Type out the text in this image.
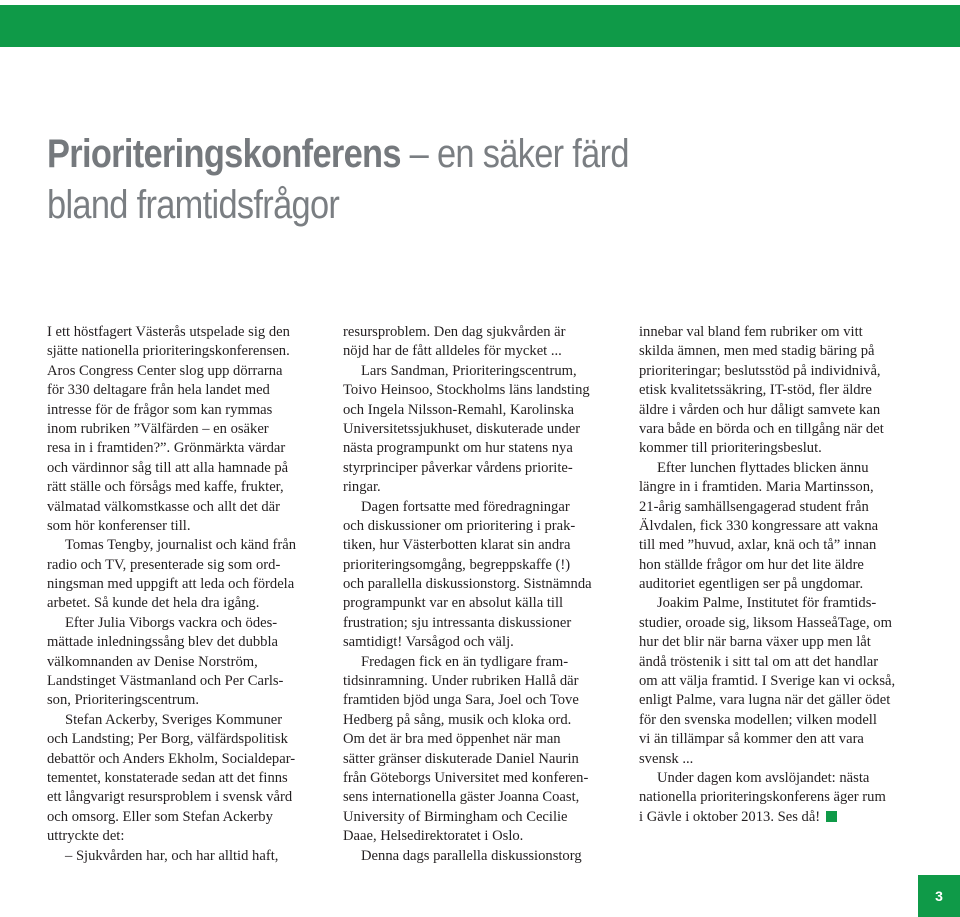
Prioriteringskonferens – en säker färd
bland framtidsfrågor
I ett höstfagert Västerås utspelade sig den
sjätte nationella prioriteringskonferensen.
Aros Congress Center slog upp dörrarna
för 330 deltagare från hela landet med
intresse för de frågor som kan rymmas
inom rubriken ”Välfärden – en osäker
resa in i framtiden?”. Grönmärkta värdar
och värdinnor såg till att alla hamnade på
rätt ställe och försågs med kaffe, frukter,
välmatad välkomstkasse och allt det där
som hör konferenser till.
Tomas Tengby, journalist och känd från
radio och TV, presenterade sig som ord-
ningsman med uppgift att leda och fördela
arbetet. Så kunde det hela dra igång.
Efter Julia Viborgs vackra och ödes-
mättade inledningssång blev det dubbla
välkomnanden av Denise Norström,
Landstinget Västmanland och Per Carls-
son, Prioriteringscentrum.
Stefan Ackerby, Sveriges Kommuner
och Landsting; Per Borg, välfärdspolitisk
debattör och Anders Ekholm, Socialdepar-
tementet, konstaterade sedan att det finns
ett långvarigt resursproblem i svensk vård
och omsorg. Eller som Stefan Ackerby
uttryckte det:
– Sjukvården har, och har alltid haft,
resursproblem. Den dag sjukvården är
nöjd har de fått alldeles för mycket ...
Lars Sandman, Prioriteringscentrum,
Toivo Heinsoo, Stockholms läns landsting
och Ingela Nilsson-Remahl, Karolinska
Universitetssjukhuset, diskuterade under
nästa programpunkt om hur statens nya
styrprinciper påverkar vårdens priorite-
ringar.
Dagen fortsatte med föredragningar
och diskussioner om prioritering i prak-
tiken, hur Västerbotten klarat sin andra
prioriteringsomgång, begreppskaffe (!)
och parallella diskussionstorg. Sistnämnda
programpunkt var en absolut källa till
frustration; sju intressanta diskussioner
samtidigt! Varsågod och välj.
Fredagen fick en än tydligare fram-
tidsinramning. Under rubriken Hallå där
framtiden bjöd unga Sara, Joel och Tove
Hedberg på sång, musik och kloka ord.
Om det är bra med öppenhet när man
sätter gränser diskuterade Daniel Naurin
från Göteborgs Universitet med konferen-
sens internationella gäster Joanna Coast,
University of Birmingham och Cecilie
Daae, Helsedirektoratet i Oslo.
Denna dags parallella diskussionstorg
innebar val bland fem rubriker om vitt
skilda ämnen, men med stadig bäring på
prioriteringar; beslutsstöd på individnivå,
etisk kvalitetssäkring, IT-stöd, fler äldre
äldre i vården och hur dåligt samvete kan
vara både en börda och en tillgång när det
kommer till prioriteringsbeslut.
Efter lunchen flyttades blicken ännu
längre in i framtiden. Maria Martinsson,
21-årig samhällsengagerad student från
Älvdalen, fick 330 kongressare att vakna
till med ”huvud, axlar, knä och tå” innan
hon ställde frågor om hur det lite äldre
auditoriet egentligen ser på ungdomar.
Joakim Palme, Institutet för framtids-
studier, oroade sig, liksom HasseåTage, om
hur det blir när barna växer upp men låt
ändå tröstenik i sitt tal om att det handlar
om att välja framtid. I Sverige kan vi också,
enligt Palme, vara lugna när det gäller ödet
för den svenska modellen; vilken modell
vi än tillämpar så kommer den att vara
svensk ...
Under dagen kom avslöjandet: nästa
nationella prioriteringskonferens äger rum
i Gävle i oktober 2013. Ses då!
3
